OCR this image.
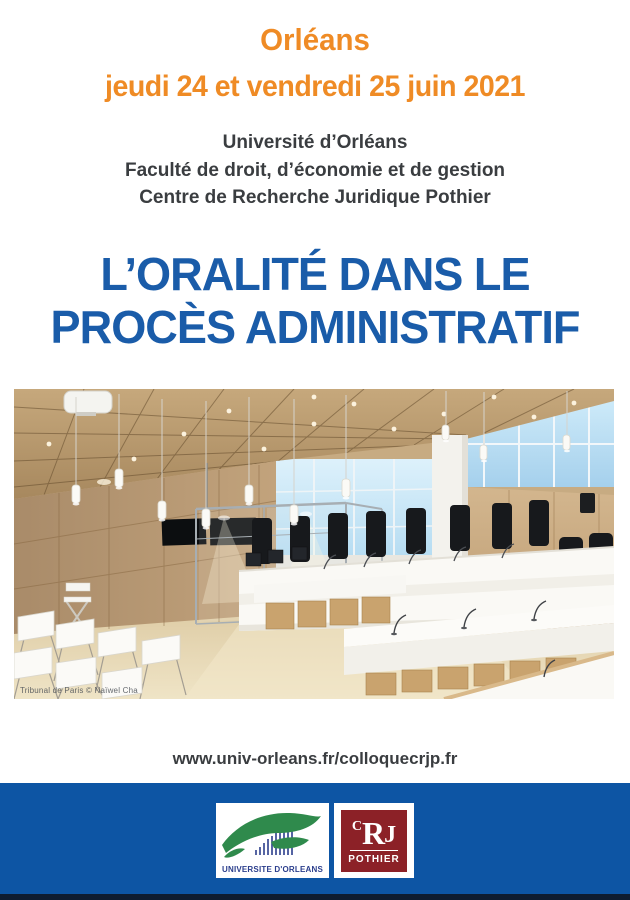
Orléans
jeudi 24 et vendredi 25 juin 2021
Université d’Orléans
Faculté de droit, d’économie et de gestion
Centre de Recherche Juridique Pothier
L’ORALITÉ DANS LE
PROCÈS ADMINISTRATIF
Tribunal de Paris © Naïwel Cha
www.univ-orleans.fr/colloquecrjp.fr
UNIVERSITE D'ORLEANS
CRJ
POTHIER
